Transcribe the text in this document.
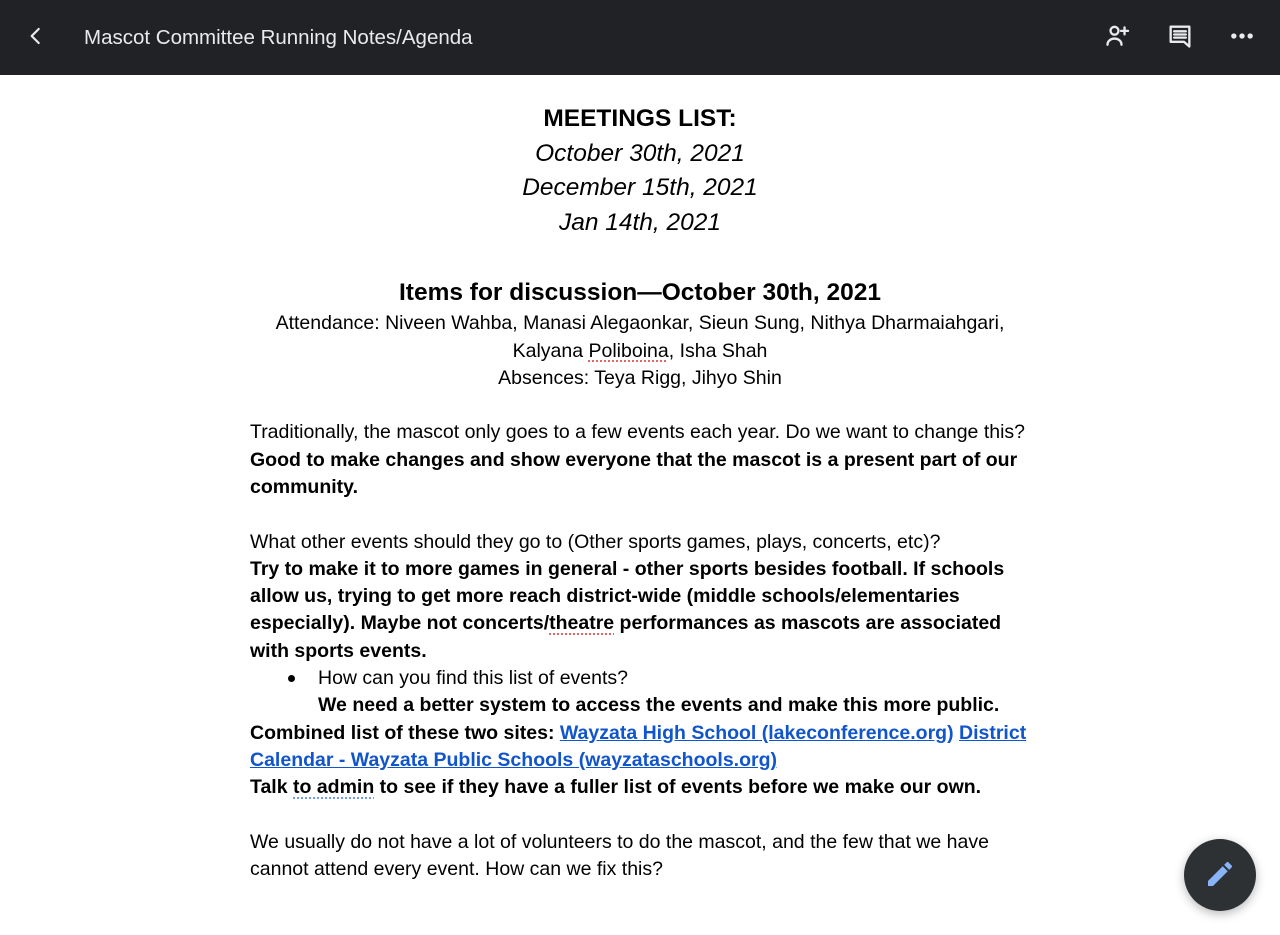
Mascot Committee Running Notes/Agenda
MEETINGS LIST:
October 30th, 2021
December 15th, 2021
Jan 14th, 2021
Items for discussion—October 30th, 2021
Attendance: Niveen Wahba, Manasi Alegaonkar, Sieun Sung, Nithya Dharmaiahgari, Kalyana Poliboina, Isha Shah
Absences: Teya Rigg, Jihyo Shin
Traditionally, the mascot only goes to a few events each year. Do we want to change this?
Good to make changes and show everyone that the mascot is a present part of our community.
What other events should they go to (Other sports games, plays, concerts, etc)?
Try to make it to more games in general - other sports besides football. If schools allow us, trying to get more reach district-wide (middle schools/elementaries especially). Maybe not concerts/theatre performances as mascots are associated with sports events.
How can you find this list of events?
We need a better system to access the events and make this more public. Combined list of these two sites: Wayzata High School (lakeconference.org) District Calendar - Wayzata Public Schools (wayzataschools.org)
Talk to admin to see if they have a fuller list of events before we make our own.
We usually do not have a lot of volunteers to do the mascot, and the few that we have cannot attend every event. How can we fix this?
